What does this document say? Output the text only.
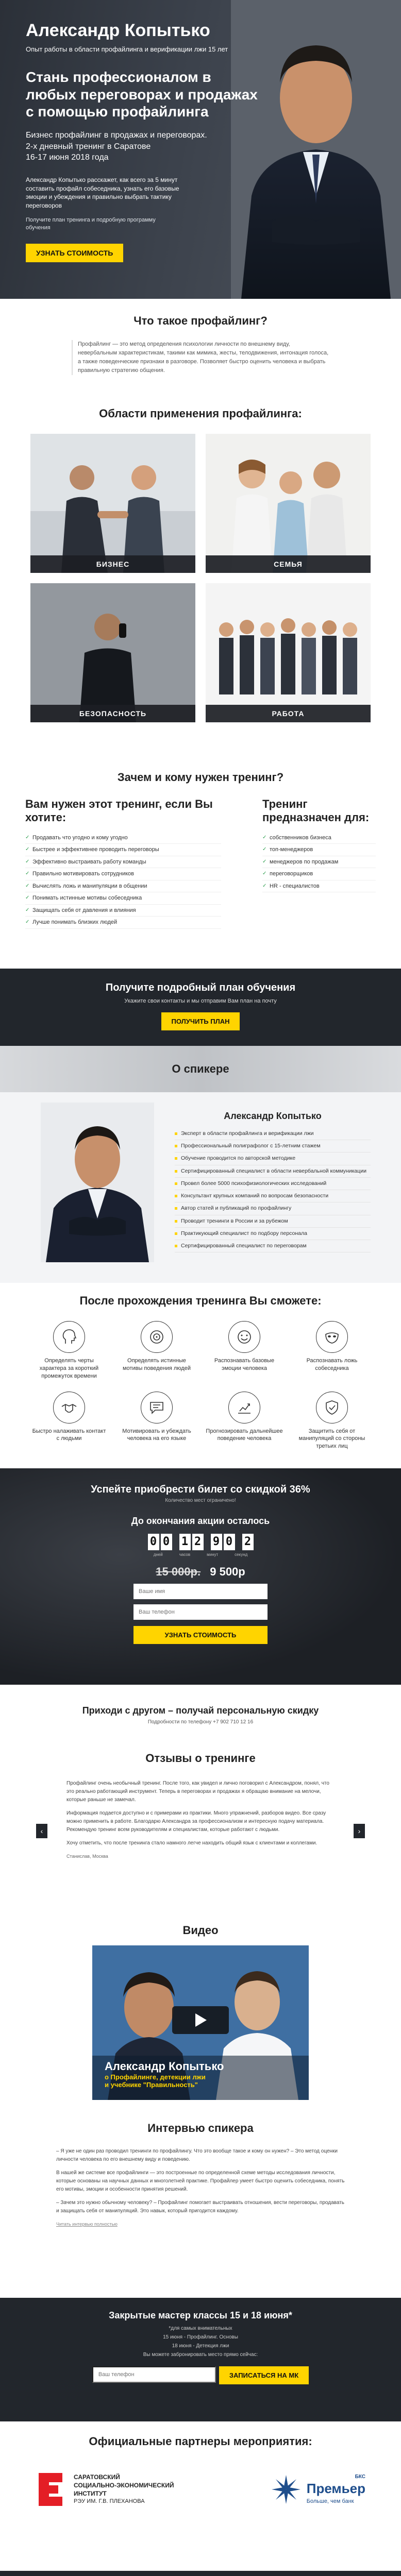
Александр Копытько
Опыт работы в области профайлинга и верификации лжи 15 лет
Стань профессионалом в любых переговорах и продажах с помощью профайлинга
Бизнес профайлинг в продажах и переговорах.
2-х дневный тренинг в Саратове
16-17 июня 2018 года
Александр Копытько расскажет, как всего за 5 минут составить профайл собеседника, узнать его базовые эмоции и убеждения и правильно выбрать тактику переговоров
Получите план тренинга и подробную программу обучения
УЗНАТЬ СТОИМОСТЬ
Что такое профайлинг?
Профайлинг — это метод определения психологии личности по внешнему виду, невербальным характеристикам, такими как мимика, жесты, телодвижения, интонация голоса, а также поведенческие признаки в разговоре. Позволяет быстро оценить человека и выбрать правильную стратегию общения.
Области применения профайлинга:
БИЗНЕС	СЕМЬЯ
БЕЗОПАСНОСТЬ	РАБОТА
Зачем и кому нужен тренинг?
Вам нужен этот тренинг, если Вы хотите:
✓ Продавать что угодно и кому угодно
✓ Быстрее и эффективнее проводить переговоры
✓ Эффективно выстраивать работу команды
✓ Правильно мотивировать сотрудников
✓ Вычислять ложь и манипуляции в общении
✓ Понимать истинные мотивы собеседника
✓ Защищать себя от давления и влияния
✓ Лучше понимать близких людей
Тренинг предназначен для:
✓ собственников бизнеса
✓ топ-менеджеров
✓ менеджеров по продажам
✓ переговорщиков
✓ HR - специалистов
Получите подробный план обучения
Укажите свои контакты и мы отправим Вам план на почту
ПОЛУЧИТЬ ПЛАН
О спикере
Александр Копытько
Эксперт в области профайлинга и верификации лжи
Профессиональный полиграфолог с 15-летним стажем
Обучение проводится по авторской методике
Сертифицированный специалист в области невербальной коммуникации
Провел более 5000 психофизиологических исследований
Консультант крупных компаний по вопросам безопасности
Автор статей и публикаций по профайлингу
Проводит тренинги в России и за рубежом
Практикующий специалист по подбору персонала
Сертифицированный специалист по переговорам
После прохождения тренинга Вы сможете:
Определять черты характера за короткий промежуток времени
Определять истинные мотивы поведения людей
Распознавать базовые эмоции человека
Распознавать ложь собеседника
Быстро налаживать контакт с людьми
Мотивировать и убеждать человека на его языке
Прогнозировать дальнейшее поведение человека
Защитить себя от манипуляций со стороны третьих лиц
Успейте приобрести билет со скидкой 36%
Количество мест ограничено!
До окончания акции осталось
0 0 1 2 9 0 2
дней	часов	минут	секунд
15 000р. 9 500р
Ваше имя
Ваш телефон УЗНАТЬ СТОИМОСТЬ
Приходи с другом – получай персональную скидку
Подробности по телефону +7 902 710 12 16
Отзывы о тренинге
‹	›

Профайлинг очень необычный тренинг. После того, как увидел и лично поговорил с Александром, понял, что это реально работающий инструмент. Теперь в переговорах и продажах я обращаю внимание на мелочи, которые раньше не замечал.

Информация подается доступно и с примерами из практики. Много упражнений, разборов видео. Все сразу можно применить в работе. Благодарю Александра за профессионализм и интересную подачу материала. Рекомендую тренинг всем руководителям и специалистам, которые работают с людьми.

Хочу отметить, что после тренинга стало намного легче находить общий язык с клиентами и коллегами.

Станислав, Москва
Видео
Александр Копытько
о Профайлинге, детекции лжи
и учебнике "Правильность"
Интервью спикера

– Я уже не один раз проводил тренинги по профайлингу. Что это вообще такое и кому он нужен? – Это метод оценки личности человека по его внешнему виду и поведению.

В нашей же системе все профайлинги — это построенные по определенной схеме методы исследования личности, которые основаны на научных данных и многолетней практике. Профайлер умеет быстро оценить собеседника, понять его мотивы, эмоции и особенности принятия решений.

– Зачем это нужно обычному человеку? – Профайлинг помогает выстраивать отношения, вести переговоры, продавать и защищать себя от манипуляций. Это навык, который пригодится каждому.

Читать интервью полностью
Закрытые мастер классы 15 и 18 июня*
*для самых внимательных
15 июня - Профайлинг. Основы
18 июня - Детекция лжи
Вы можете забронировать место прямо сейчас:
Ваш телефон
ЗАПИСАТЬСЯ НА МК
Официальные партнеры мероприятия:
САРАТОВСКИЙ
СОЦИАЛЬНО-ЭКОНОМИЧЕСКИЙ
ИНСТИТУТ
РЭУ ИМ. Г.В. ПЛЕХАНОВА
БКС
Премьер
Больше, чем банк
